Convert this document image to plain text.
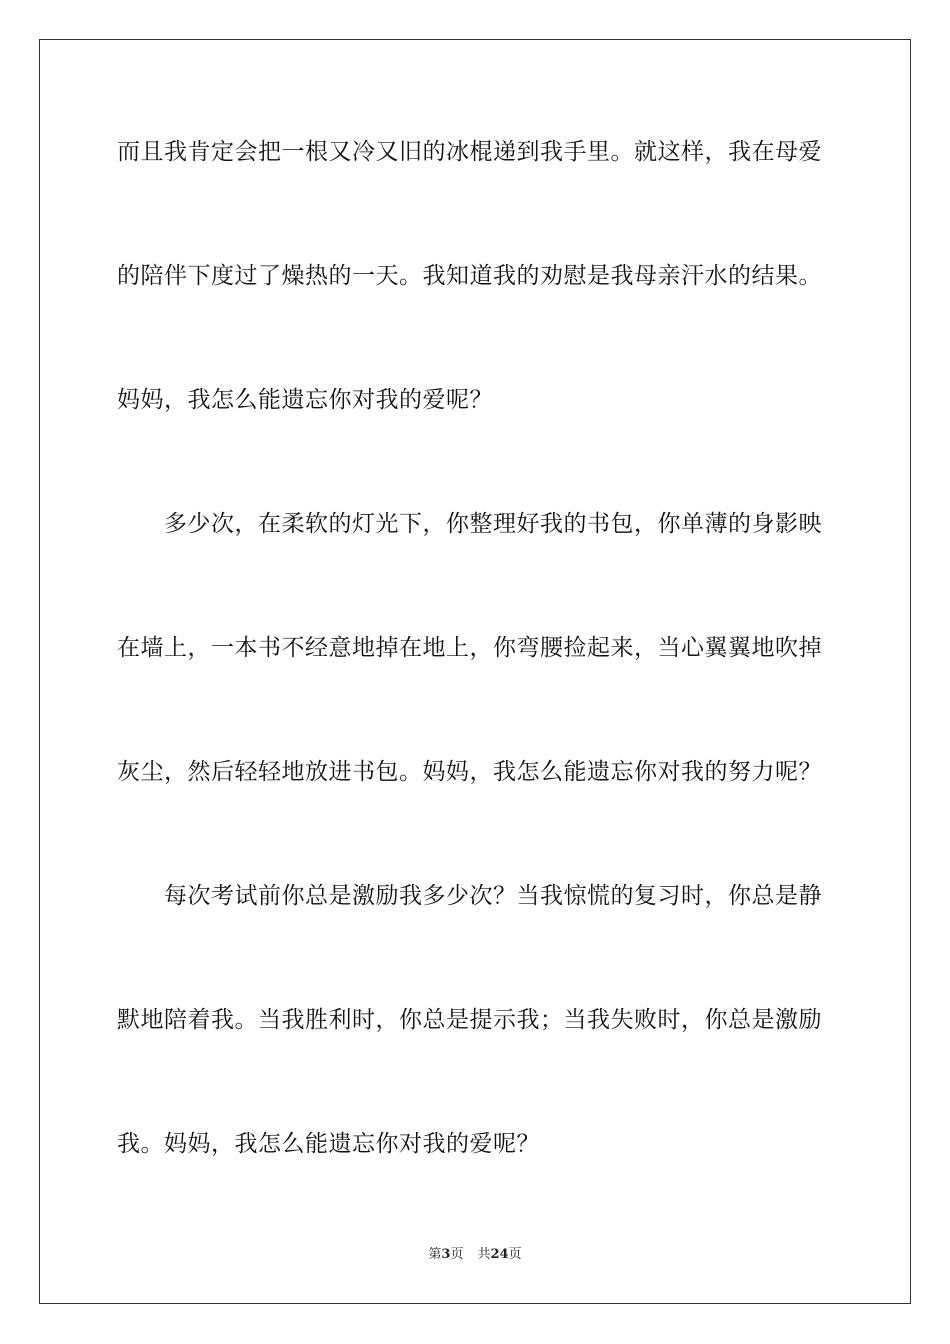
而且我肯定会把一根又冷又旧的冰棍递到我手里。就这样，我在母爱
的陪伴下度过了燥热的一天。我知道我的劝慰是我母亲汗水的结果。
妈妈，我怎么能遗忘你对我的爱呢？
多少次，在柔软的灯光下，你整理好我的书包，你单薄的身影映
在墙上，一本书不经意地掉在地上，你弯腰捡起来，当心翼翼地吹掉
灰尘，然后轻轻地放进书包。妈妈，我怎么能遗忘你对我的努力呢？
每次考试前你总是激励我多少次？当我惊慌的复习时，你总是静
默地陪着我。当我胜利时，你总是提示我；当我失败时，你总是激励
我。妈妈，我怎么能遗忘你对我的爱呢？
第3页 共24页
